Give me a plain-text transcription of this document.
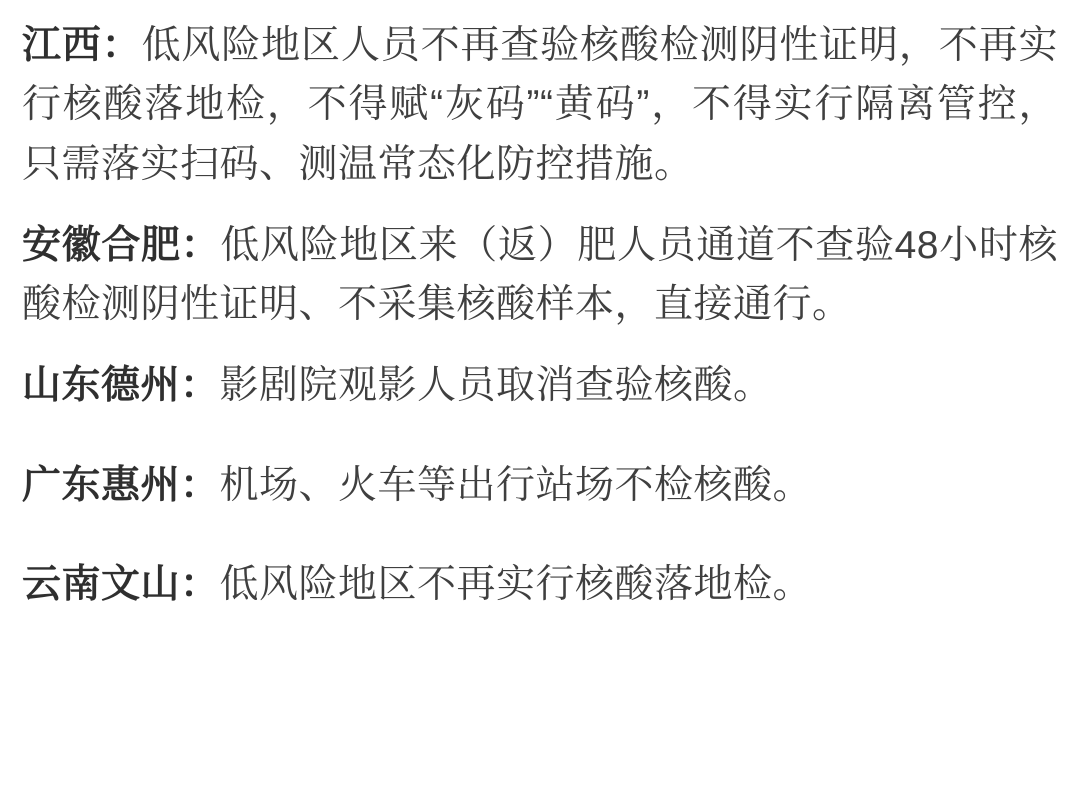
江西：低风险地区人员不再查验核酸检测阴性证明，不再实行核酸落地检，不得赋“灰码”“黄码”，不得实行隔离管控，只需落实扫码、测温常态化防控措施。

安徽合肥：低风险地区来（返）肥人员通道不查验48小时核酸检测阴性证明、不采集核酸样本，直接通行。

山东德州：影剧院观影人员取消查验核酸。

广东惠州：机场、火车等出行站场不检核酸。

云南文山：低风险地区不再实行核酸落地检。
